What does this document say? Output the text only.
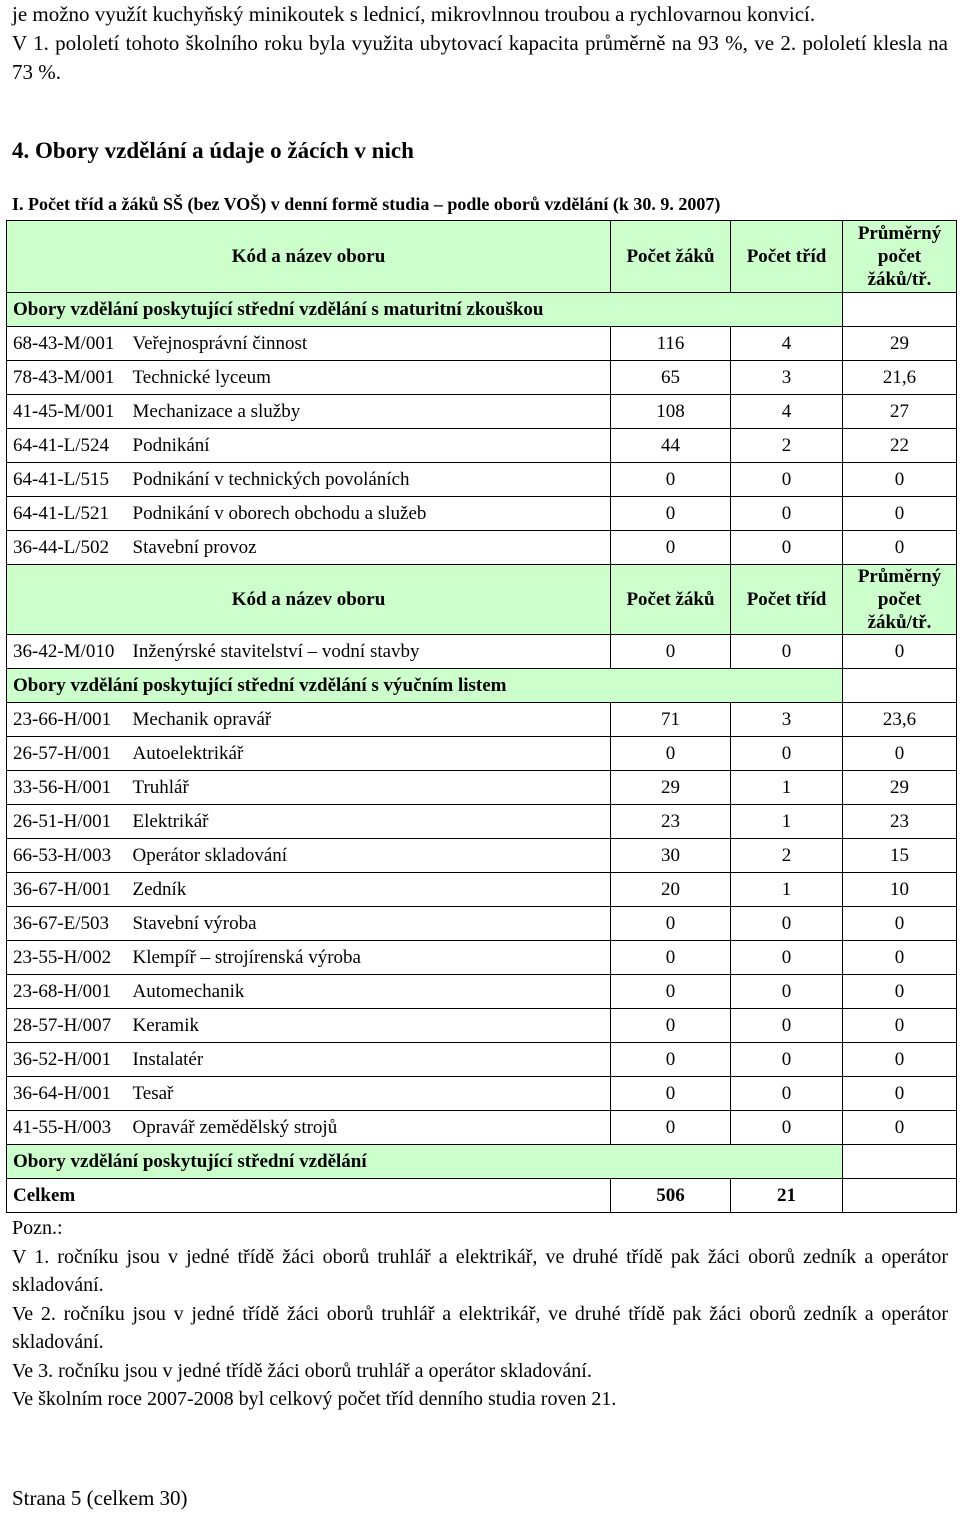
je možno využít kuchyňský minikoutek s lednicí, mikrovlnnou troubou a rychlovarnou konvicí.

V 1. pololetí tohoto školního roku byla využita ubytovací kapacita průměrně na 93 %, ve 2. pololetí klesla na 73 %.

4. Obory vzdělání a údaje o žácích v nich
I. Počet tříd a žáků SŠ (bez VOŠ) v denní formě studia – podle oborů vzdělání (k 30. 9. 2007)
Kód a název oboru		Počet žáků	Počet tříd	Průměrný počet žáků/tř.
Obory vzdělání poskytující střední vzdělání s maturitní zkouškou				
68-43-M/001	Veřejnosprávní činnost	116	4	29
78-43-M/001	Technické lyceum	65	3	21,6
41-45-M/001	Mechanizace a služby	108	4	27
64-41-L/524	Podnikání	44	2	22
64-41-L/515	Podnikání v technických povoláních	0	0	0
64-41-L/521	Podnikání v oborech obchodu a služeb	0	0	0
36-44-L/502	Stavební provoz	0	0	0
Kód a název oboru		Počet žáků	Počet tříd	Průměrný počet žáků/tř.
36-42-M/010	Inženýrské stavitelství – vodní stavby	0	0	0
Obory vzdělání poskytující střední vzdělání s výučním listem				
23-66-H/001	Mechanik opravář	71	3	23,6
26-57-H/001	Autoelektrikář	0	0	0
33-56-H/001	Truhlář	29	1	29
26-51-H/001	Elektrikář	23	1	23
66-53-H/003	Operátor skladování	30	2	15
36-67-H/001	Zedník	20	1	10
36-67-E/503	Stavební výroba	0	0	0
23-55-H/002	Klempíř – strojírenská výroba	0	0	0
23-68-H/001	Automechanik	0	0	0
28-57-H/007	Keramik	0	0	0
36-52-H/001	Instalatér	0	0	0
36-64-H/001	Tesař	0	0	0
41-55-H/003	Opravář zemědělský strojů	0	0	0
Obory vzdělání poskytující střední vzdělání				
Celkem		506	21	

Pozn.:

V 1. ročníku jsou v jedné třídě žáci oborů truhlář a elektrikář, ve druhé třídě pak žáci oborů zedník a operátor skladování.

Ve 2. ročníku jsou v jedné třídě žáci oborů truhlář a elektrikář, ve druhé třídě pak žáci oborů zedník a operátor skladování.

Ve 3. ročníku jsou v jedné třídě žáci oborů truhlář a operátor skladování.

Ve školním roce 2007-2008 byl celkový počet tříd denního studia roven 21.

Strana 5 (celkem 30)
